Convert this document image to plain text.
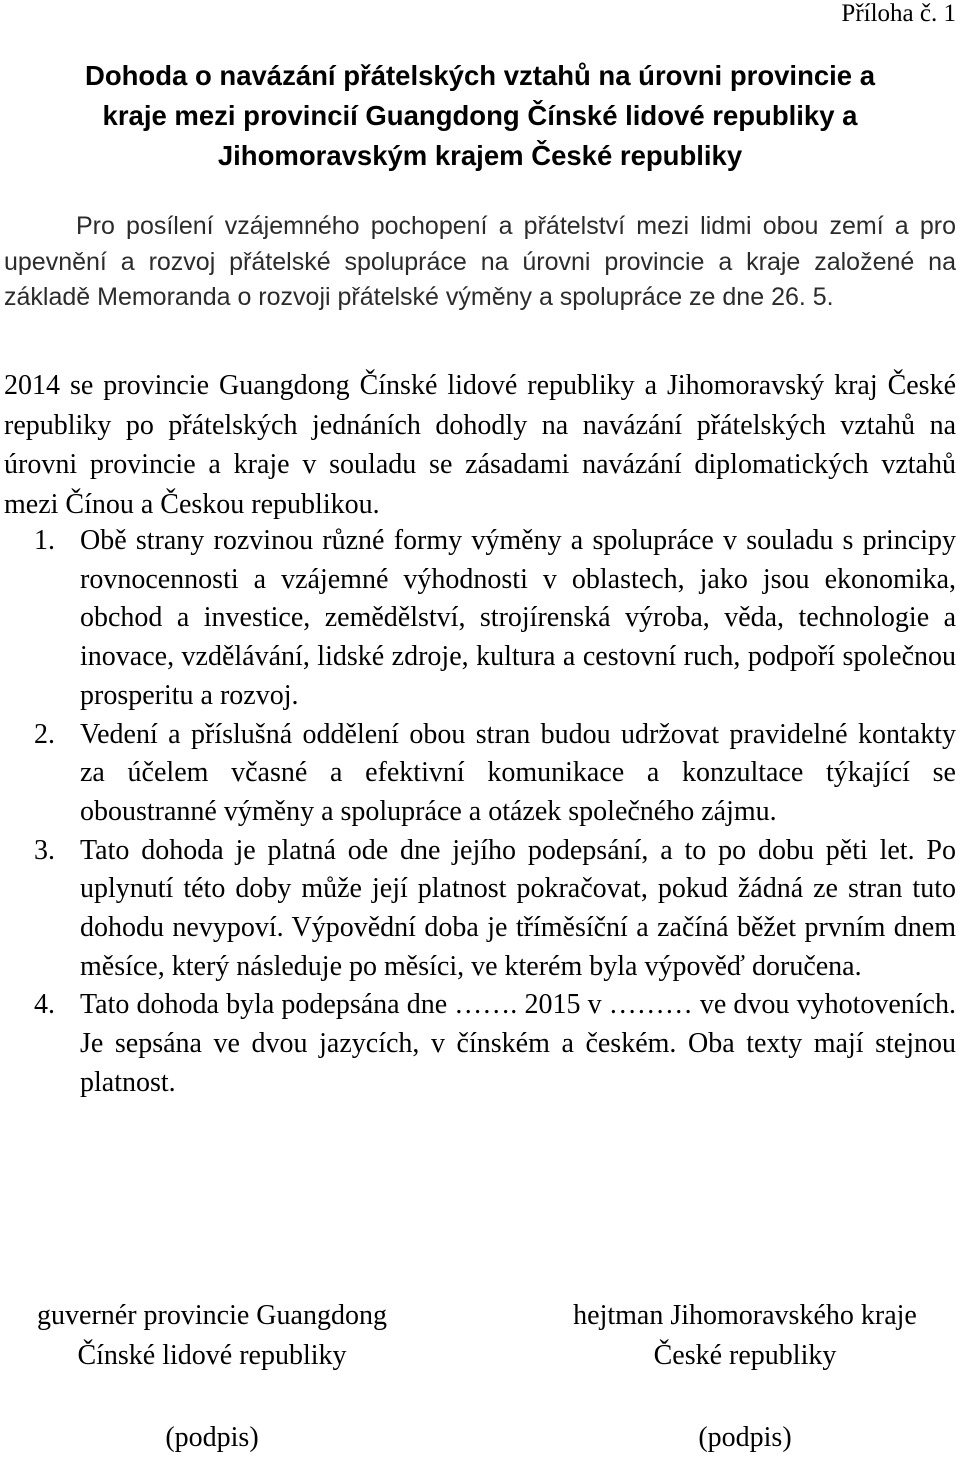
Příloha č. 1
Dohoda o navázání přátelských vztahů na úrovni provincie a
kraje mezi provincií Guangdong Čínské lidové republiky a
Jihomoravským krajem České republiky

Pro posílení vzájemného pochopení a přátelství mezi lidmi obou zemí a pro upevnění a rozvoj přátelské spolupráce na úrovni provincie a kraje založené na základě Memoranda o rozvoji přátelské výměny a spolupráce ze dne 26. 5.

2014 se provincie Guangdong Čínské lidové republiky a Jihomoravský kraj České republiky po přátelských jednáních dohodly na navázání přátelských vztahů na úrovni provincie a kraje v souladu se zásadami navázání diplomatických vztahů mezi Čínou a Českou republikou.

1. Obě strany rozvinou různé formy výměny a spolupráce v souladu s principy rovnocennosti a vzájemné výhodnosti v oblastech, jako jsou ekonomika, obchod a investice, zemědělství, strojírenská výroba, věda, technologie a inovace, vzdělávání, lidské zdroje, kultura a cestovní ruch, podpoří společnou prosperitu a rozvoj.
2. Vedení a příslušná oddělení obou stran budou udržovat pravidelné kontakty za účelem včasné a efektivní komunikace a konzultace týkající se oboustranné výměny a spolupráce a otázek společného zájmu.
3. Tato dohoda je platná ode dne jejího podepsání, a to po dobu pěti let. Po uplynutí této doby může její platnost pokračovat, pokud žádná ze stran tuto dohodu nevypoví. Výpovědní doba je tříměsíční a začíná běžet prvním dnem měsíce, který následuje po měsíci, ve kterém byla výpověď doručena.
4. Tato dohoda byla podepsána dne ……. 2015 v ……… ve dvou vyhotoveních. Je sepsána ve dvou jazycích, v čínském a českém. Oba texty mají stejnou platnost.
guvernér provincie Guangdong
Čínské lidové republiky
(podpis)
hejtman Jihomoravského kraje
České republiky
(podpis)
